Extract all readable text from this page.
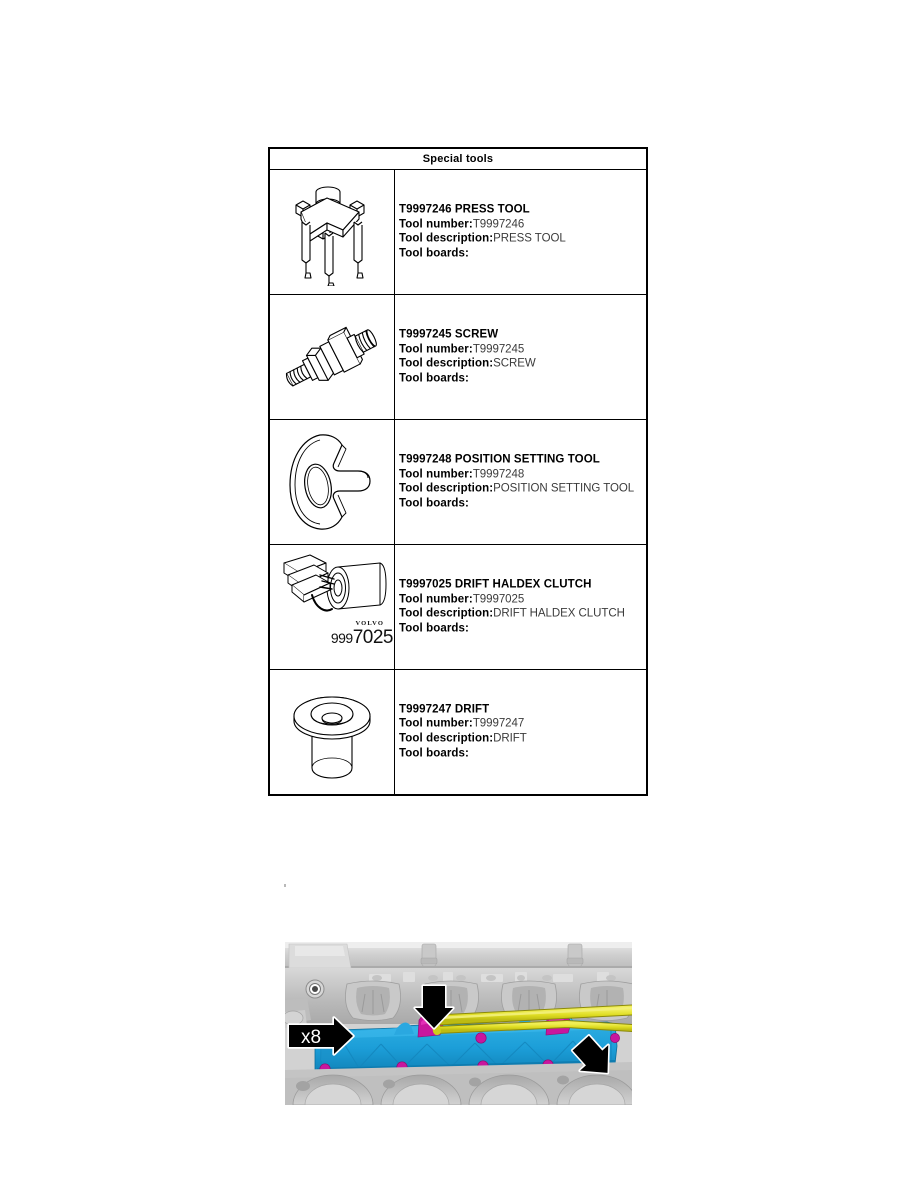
Special tools	

T9997246 PRESS TOOL
Tool number:T9997246
Tool description:PRESS TOOL
Tool boards:

T9997245 SCREW
Tool number:T9997245
Tool description:SCREW
Tool boards:

T9997248 POSITION SETTING TOOL
Tool number:T9997248
Tool description:POSITION SETTING TOOL
Tool boards:

VOLVO
9997025

T9997025 DRIFT HALDEX CLUTCH
Tool number:T9997025
Tool description:DRIFT HALDEX CLUTCH
Tool boards:

T9997247 DRIFT
Tool number:T9997247
Tool description:DRIFT
Tool boards:
x8
